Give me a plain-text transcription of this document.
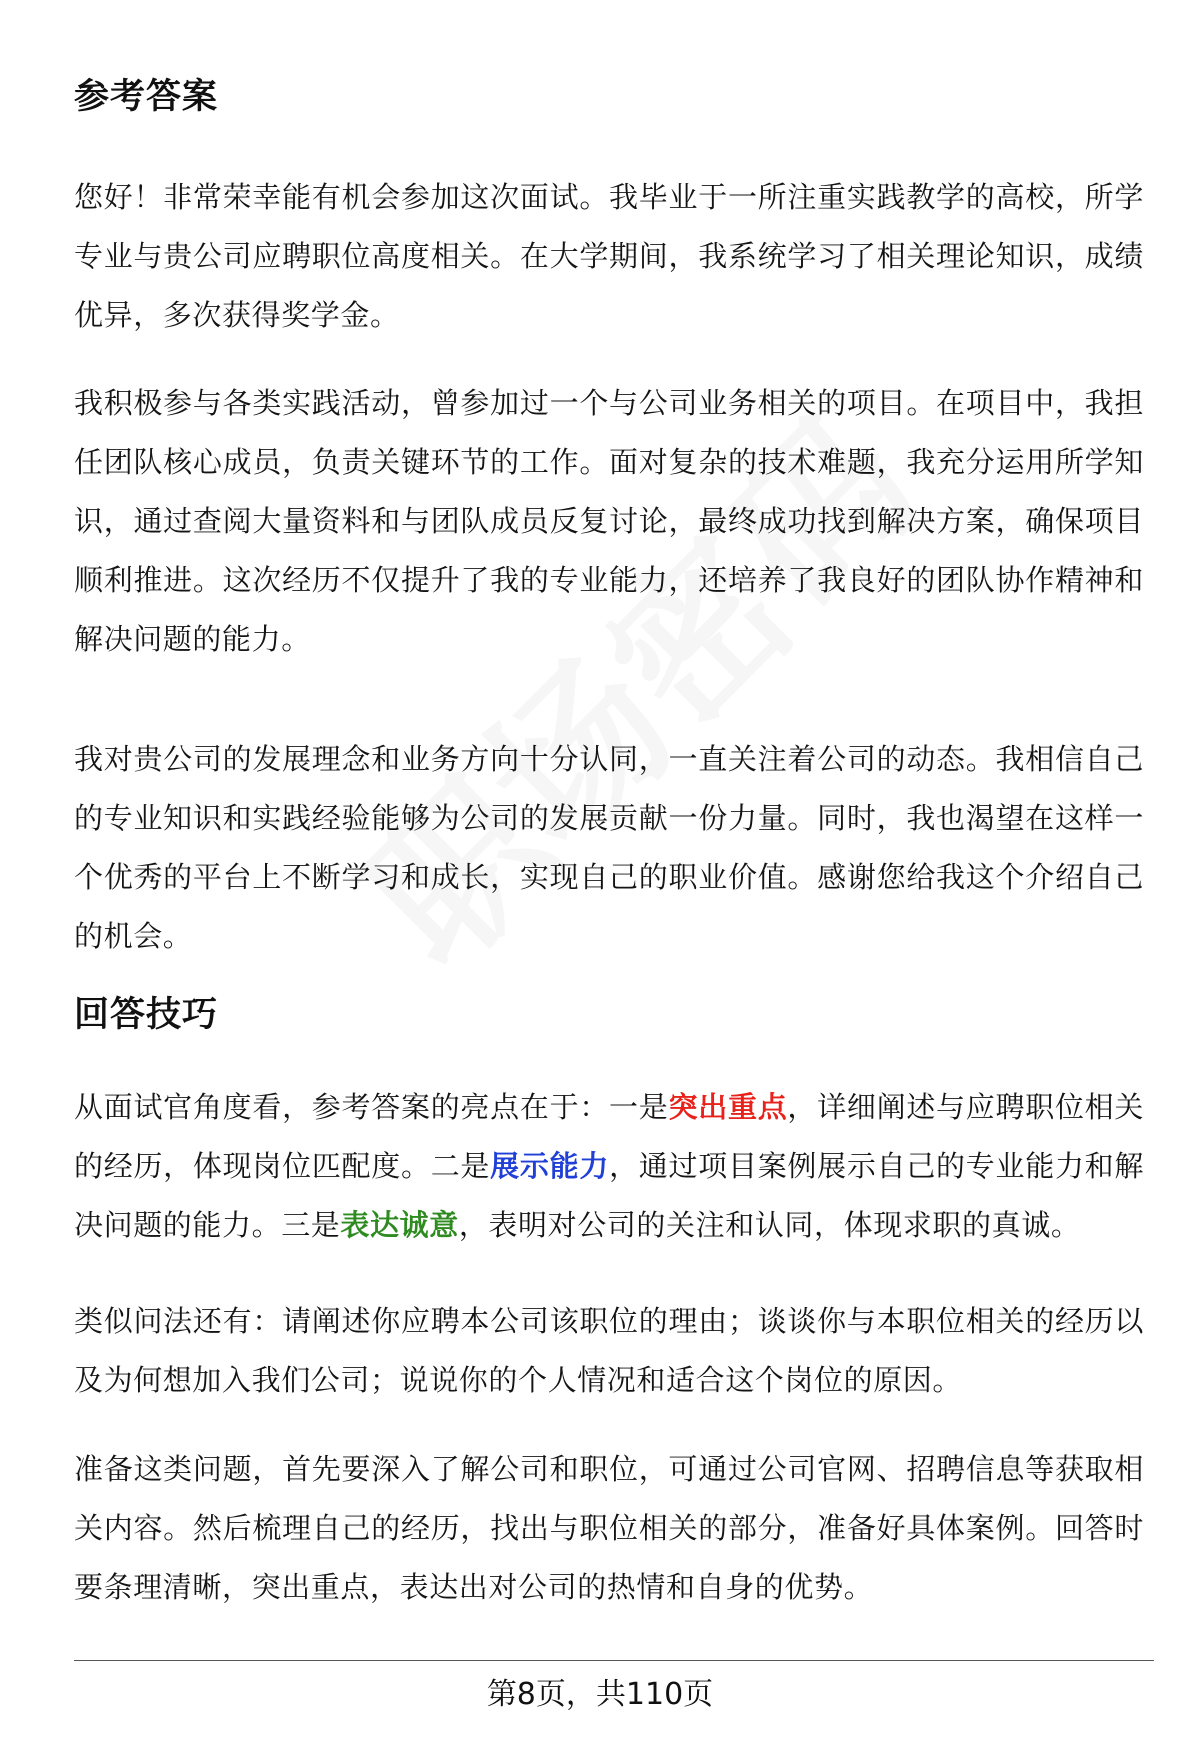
参考答案

您好！非常荣幸能有机会参加这次面试。我毕业于一所注重实践教学的高校，所学专业与贵公司应聘职位高度相关。在大学期间，我系统学习了相关理论知识，成绩优异，多次获得奖学金。

我积极参与各类实践活动，曾参加过一个与公司业务相关的项目。在项目中，我担任团队核心成员，负责关键环节的工作。面对复杂的技术难题，我充分运用所学知识，通过查阅大量资料和与团队成员反复讨论，最终成功找到解决方案，确保项目顺利推进。这次经历不仅提升了我的专业能力，还培养了我良好的团队协作精神和解决问题的能力。

我对贵公司的发展理念和业务方向十分认同，一直关注着公司的动态。我相信自己的专业知识和实践经验能够为公司的发展贡献一份力量。同时，我也渴望在这样一个优秀的平台上不断学习和成长，实现自己的职业价值。感谢您给我这个介绍自己的机会。

回答技巧

从面试官角度看，参考答案的亮点在于：一是突出重点，详细阐述与应聘职位相关的经历，体现岗位匹配度。二是展示能力，通过项目案例展示自己的专业能力和解决问题的能力。三是表达诚意，表明对公司的关注和认同，体现求职的真诚。

类似问法还有：请阐述你应聘本公司该职位的理由；谈谈你与本职位相关的经历以及为何想加入我们公司；说说你的个人情况和适合这个岗位的原因。

准备这类问题，首先要深入了解公司和职位，可通过公司官网、招聘信息等获取相关内容。然后梳理自己的经历，找出与职位相关的部分，准备好具体案例。回答时要条理清晰，突出重点，表达出对公司的热情和自身的优势。

第8页，共110页
